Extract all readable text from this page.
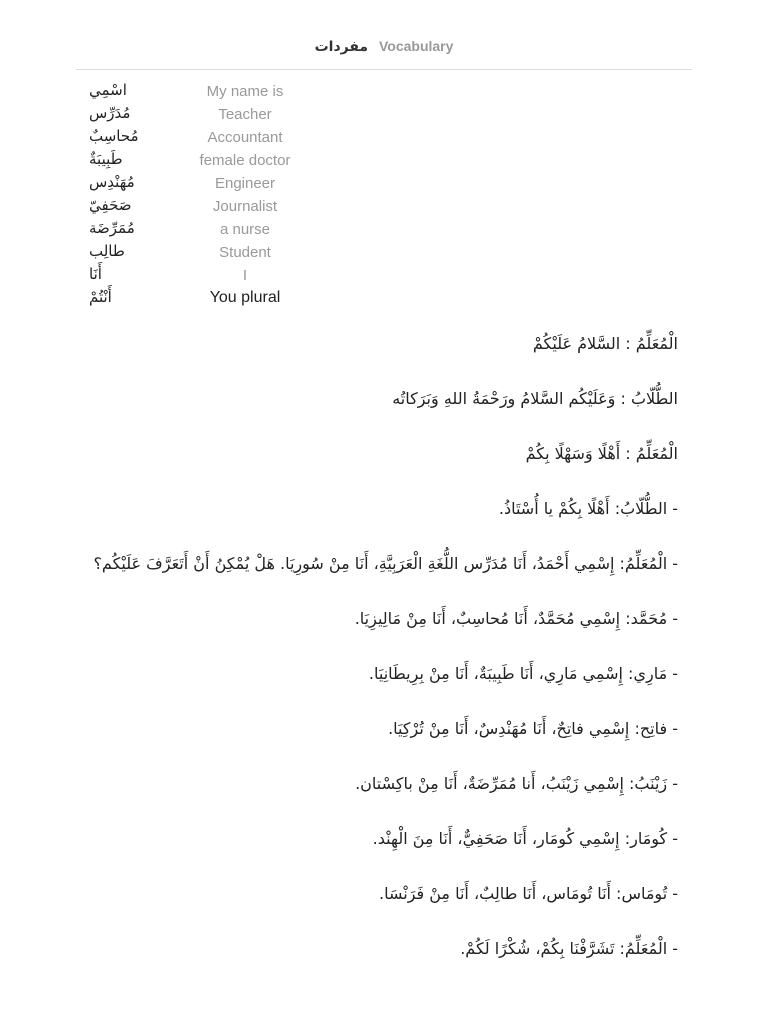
مفردات Vocabulary
اسْمِي	My name is
مُدَرِّس	Teacher
مُحاسِبٌ	Accountant
طَبِيبَةٌ	female doctor
مُهَنْدِس	Engineer
صَحَفِيّ	Journalist
مُمَرِّضَة	a nurse
طالِب	Student
أَنَا	I
أَنْتُمْ	You plural
الْمُعَلِّمُ : السَّلامُ عَلَيْكُمْ
الطُّلّابُ : وَعَلَيْكُم السَّلامُ ورَحْمَةُ اللهِ وَبَرَكاتُه
الْمُعَلِّمُ : أَهْلًا وَسَهْلًا بِكُمْ
- الطُّلّابُ: أَهْلًا بِكُمْ يا أُسْتَاذُ.
- الْمُعَلِّمُ: إِسْمِي أَحْمَدُ، أَنَا مُدَرِّس اللُّغَةِ الْعَرَبِيَّةِ، أَنَا مِنْ سُورِيَا. هَلْ يُمْكِنُ أَنْ أَتَعَرَّفَ عَلَيْكُم؟
- مُحَمَّد: إِسْمِي مُحَمَّدٌ، أَنَا مُحاسِبٌ، أَنَا مِنْ مَالِيزِيَا.
- مَارِي: إِسْمِي مَارِي، أَنَا طَبِيبَةٌ، أَنَا مِنْ بِرِيطَانِيَا.
- فاتِح: إِسْمِي فاتِحٌ، أَنَا مُهَنْدِسٌ، أَنَا مِنْ تُرْكِيَا.
- زَيْنَبُ: إِسْمِي زَيْنَبُ، أَنا مُمَرِّضَةٌ، أَنَا مِنْ باكِسْتان.
- كُومَار: إِسْمِي كُومَار، أَنَا صَحَفِيٌّ، أَنَا مِنَ الْهِنْد.
- تُومَاس: أَنَا تُومَاس، أَنَا طالِبٌ، أَنَا مِنْ فَرَنْسَا.
- الْمُعَلِّمُ: تَشَرَّفْنَا بِكُمْ، شُكْرًا لَكُمْ.
